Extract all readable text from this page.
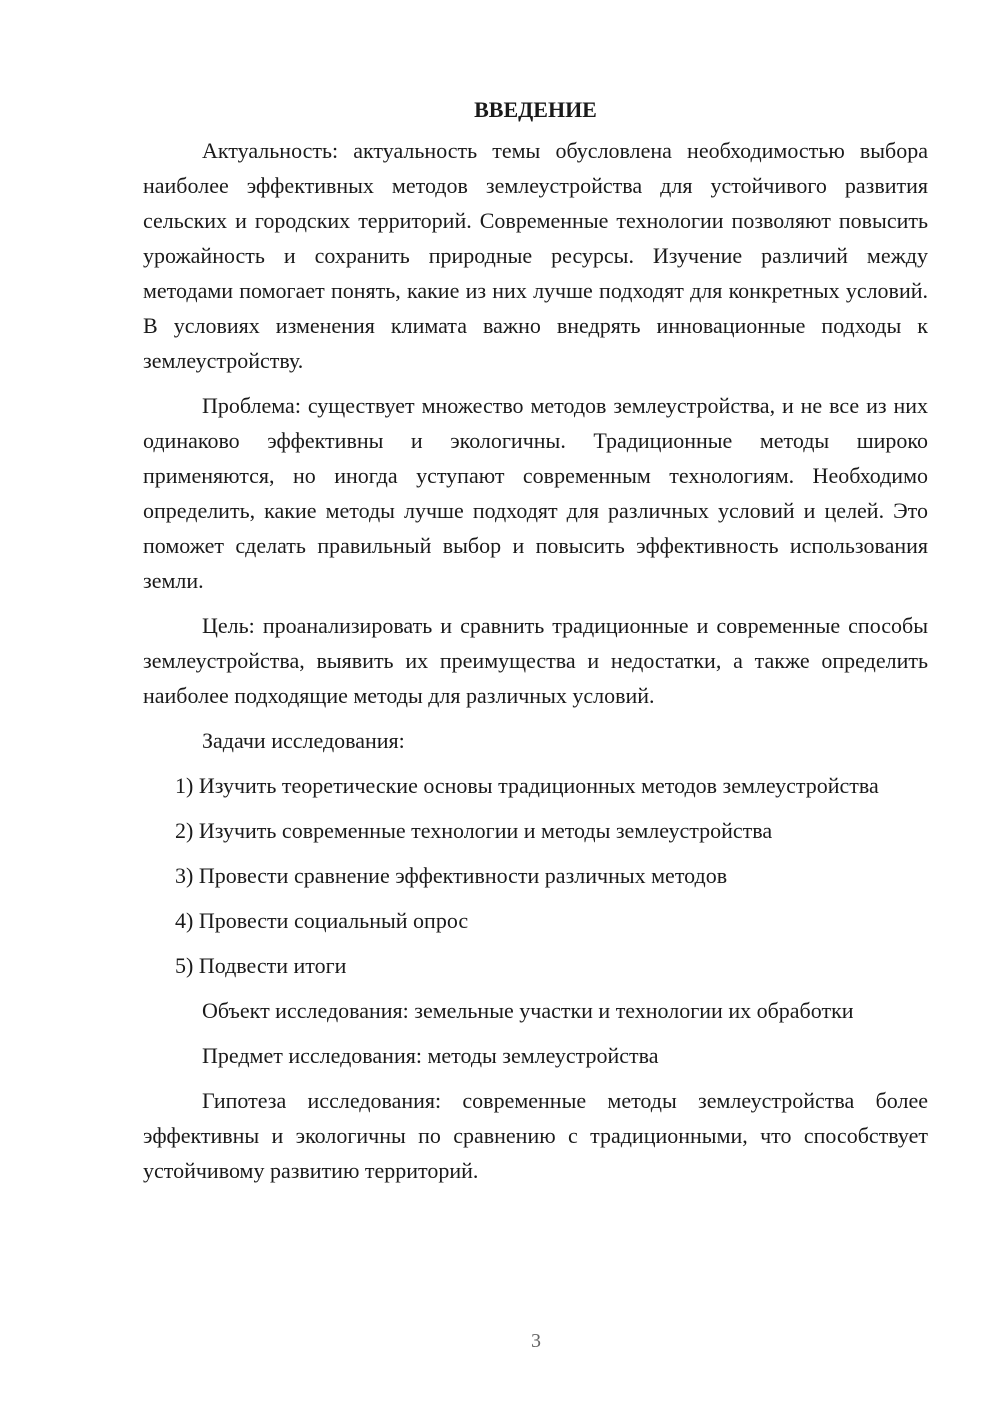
ВВЕДЕНИЕ

Актуальность: актуальность темы обусловлена необходимостью выбора наиболее эффективных методов землеустройства для устойчивого развития сельских и городских территорий. Современные технологии позволяют повысить урожайность и сохранить природные ресурсы. Изучение различий между методами помогает понять, какие из них лучше подходят для конкретных условий. В условиях изменения климата важно внедрять инновационные подходы к землеустройству.

Проблема: существует множество методов землеустройства, и не все из них одинаково эффективны и экологичны. Традиционные методы широко применяются, но иногда уступают современным технологиям. Необходимо определить, какие методы лучше подходят для различных условий и целей. Это поможет сделать правильный выбор и повысить эффективность использования земли.

Цель: проанализировать и сравнить традиционные и современные способы землеустройства, выявить их преимущества и недостатки, а также определить наиболее подходящие методы для различных условий.

Задачи исследования:

1) Изучить теоретические основы традиционных методов землеустройства

2) Изучить современные технологии и методы землеустройства

3) Провести сравнение эффективности различных методов

4) Провести социальный опрос

5) Подвести итоги

Объект исследования: земельные участки и технологии их обработки

Предмет исследования: методы землеустройства

Гипотеза исследования: современные методы землеустройства более эффективны и экологичны по сравнению с традиционными, что способствует устойчивому развитию территорий.

3
